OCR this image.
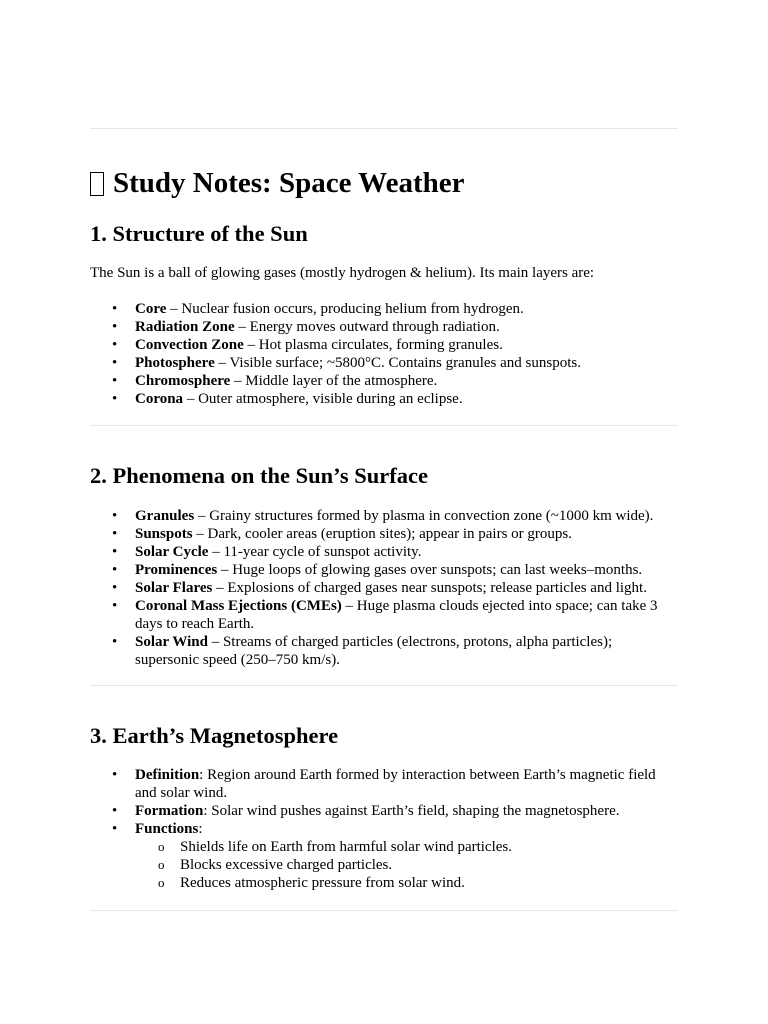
Study Notes: Space Weather
1. Structure of the Sun

The Sun is a ball of glowing gases (mostly hydrogen & helium). Its main layers are:

• Core – Nuclear fusion occurs, producing helium from hydrogen.
• Radiation Zone – Energy moves outward through radiation.
• Convection Zone – Hot plasma circulates, forming granules.
• Photosphere – Visible surface; ~5800°C. Contains granules and sunspots.
• Chromosphere – Middle layer of the atmosphere.
• Corona – Outer atmosphere, visible during an eclipse.
2. Phenomena on the Sun’s Surface
• Granules – Grainy structures formed by plasma in convection zone (~1000 km wide).
• Sunspots – Dark, cooler areas (eruption sites); appear in pairs or groups.
• Solar Cycle – 11-year cycle of sunspot activity.
• Prominences – Huge loops of glowing gases over sunspots; can last weeks–months.
• Solar Flares – Explosions of charged gases near sunspots; release particles and light.
• Coronal Mass Ejections (CMEs) – Huge plasma clouds ejected into space; can take 3 days to reach Earth.
• Solar Wind – Streams of charged particles (electrons, protons, alpha particles); supersonic speed (250–750 km/s).
3. Earth’s Magnetosphere
• Definition: Region around Earth formed by interaction between Earth’s magnetic field and solar wind.
• Formation: Solar wind pushes against Earth’s field, shaping the magnetosphere.
• Functions:
o Shields life on Earth from harmful solar wind particles.
o Blocks excessive charged particles.
o Reduces atmospheric pressure from solar wind.
